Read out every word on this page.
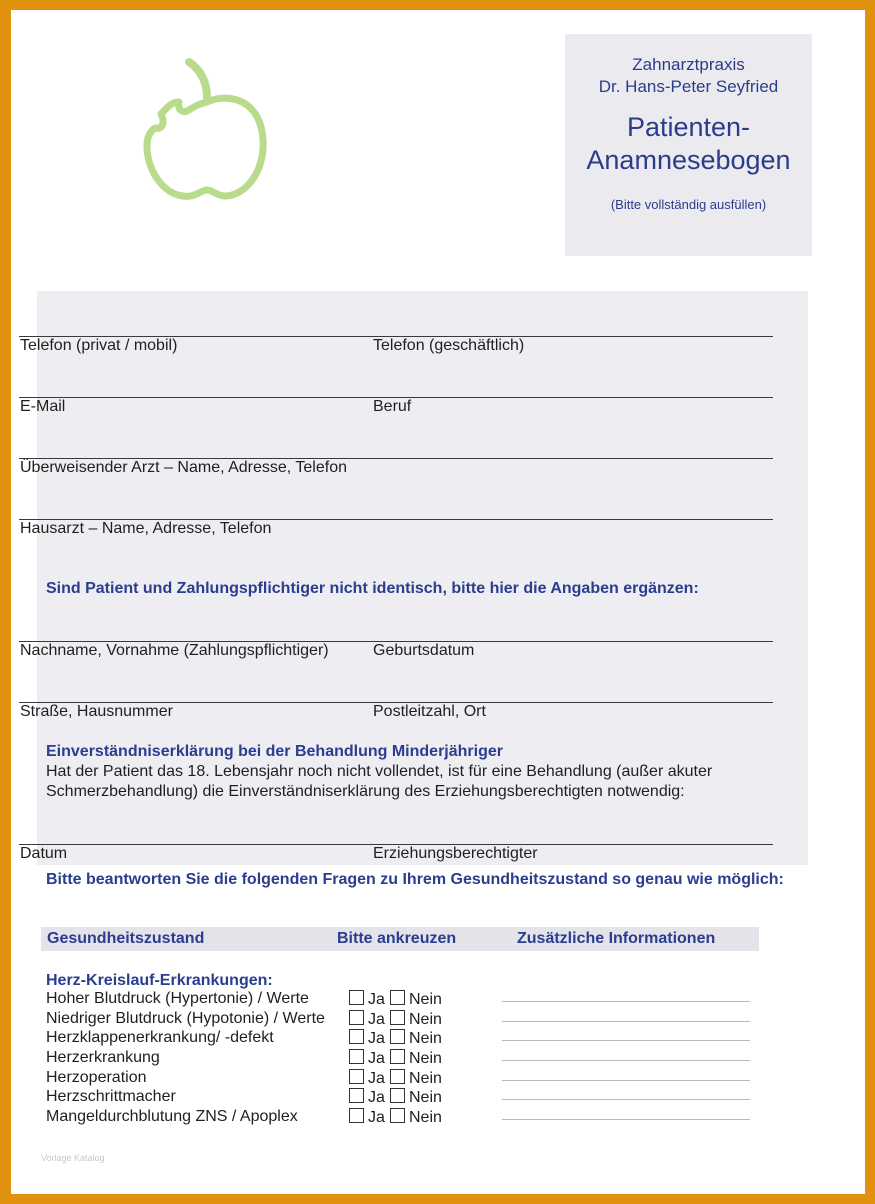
Zahnarztpraxis
Dr. Hans-Peter Seyfried
Patienten-
Anamnesebogen
(Bitte vollständig ausfüllen)
Telefon (privat / mobil)	Telefon (geschäftlich)
E-Mail	Beruf
Überweisender Arzt – Name, Adresse, Telefon
Hausarzt – Name, Adresse, Telefon
Sind Patient und Zahlungspflichtiger nicht identisch, bitte hier die Angaben ergänzen:
Nachname, Vornahme (Zahlungspflichtiger)	Geburtsdatum
Straße, Hausnummer	Postleitzahl, Ort
Einverständniserklärung bei der Behandlung Minderjähriger
Hat der Patient das 18. Lebensjahr noch nicht vollendet, ist für eine Behandlung (außer akuter Schmerzbehandlung) die Einverständniserklärung des Erziehungsberechtigten notwendig:
Datum	Erziehungsberechtigter
Bitte beantworten Sie die folgenden Fragen zu Ihrem Gesundheitszustand so genau wie möglich:
Gesundheitszustand	Bitte ankreuzen	Zusätzliche Informationen
Herz-Kreislauf-Erkrankungen:
Hoher Blutdruck (Hypertonie) / Werte	Ja	Nein
Niedriger Blutdruck (Hypotonie) / Werte	Ja	Nein
Herzklappenerkrankung/ -defekt	Ja	Nein
Herzerkrankung	Ja	Nein
Herzoperation	Ja	Nein
Herzschrittmacher	Ja	Nein
Mangeldurchblutung ZNS / Apoplex	Ja	Nein
Vorlage Katalog
